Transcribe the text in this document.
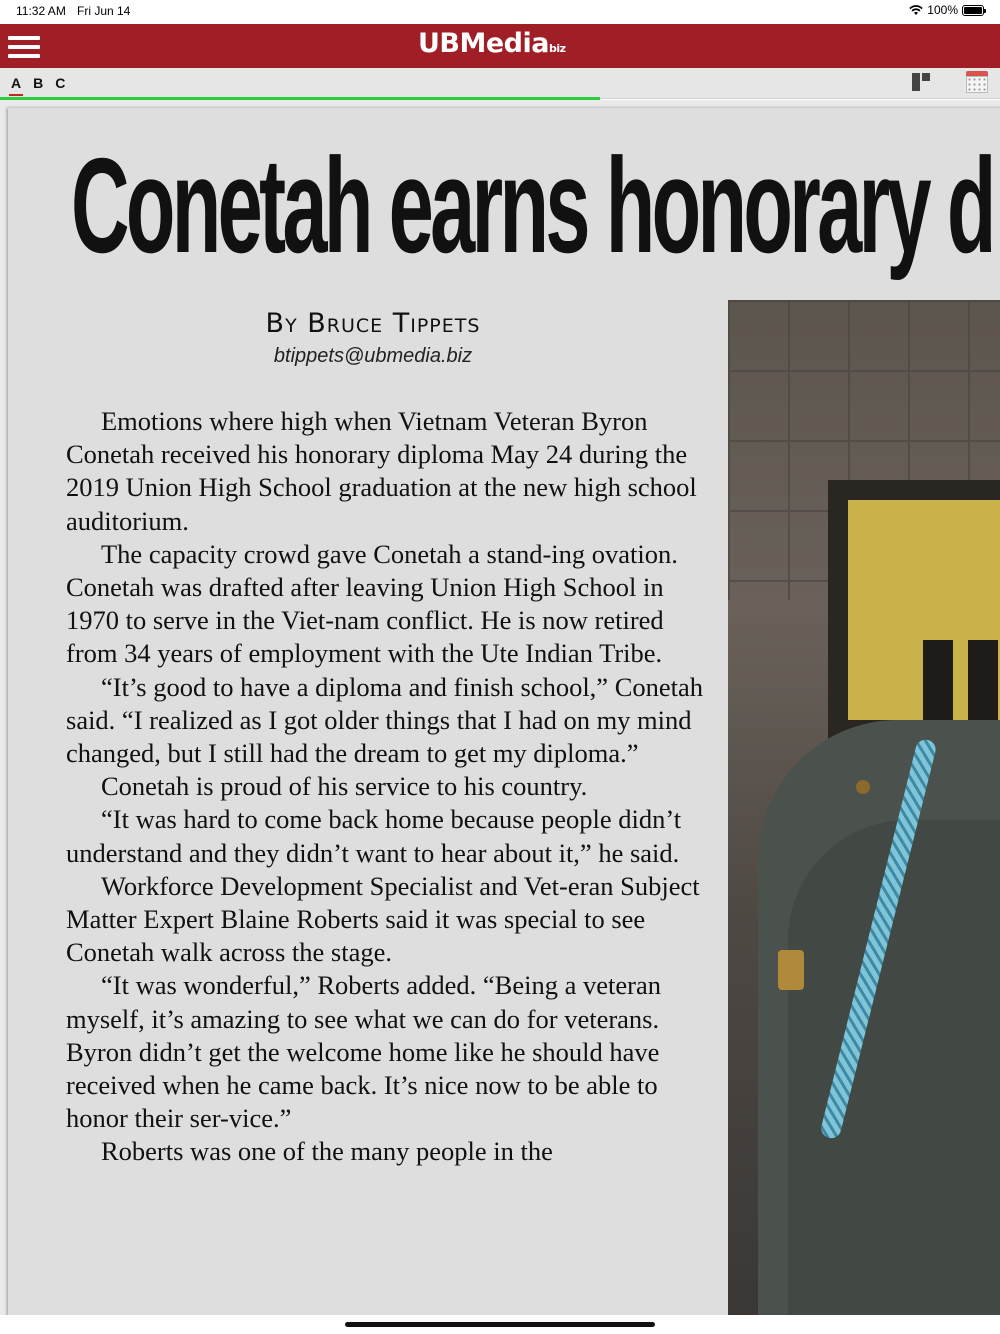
11:32 AM Fri Jun 14	100%
UBMediabiz
A B C
Conetah earns honorary d
By Bruce Tippets
btippets@ubmedia.biz

Emotions where high when Vietnam Veteran Byron Conetah received his honorary diploma May 24 during the 2019 Union High School graduation at the new high school auditorium.

The capacity crowd gave Conetah a stand-ing ovation. Conetah was drafted after leaving Union High School in 1970 to serve in the Viet-nam conflict. He is now retired from 34 years of employment with the Ute Indian Tribe.

“It’s good to have a diploma and finish school,” Conetah said. “I realized as I got older things that I had on my mind changed, but I still had the dream to get my diploma.”

Conetah is proud of his service to his country.

“It was hard to come back home because people didn’t understand and they didn’t want to hear about it,” he said.

Workforce Development Specialist and Vet-eran Subject Matter Expert Blaine Roberts said it was special to see Conetah walk across the stage.

“It was wonderful,” Roberts added. “Being a veteran myself, it’s amazing to see what we can do for veterans. Byron didn’t get the welcome home like he should have received when he came back. It’s nice now to be able to honor their ser-vice.”

Roberts was one of the many people in the
